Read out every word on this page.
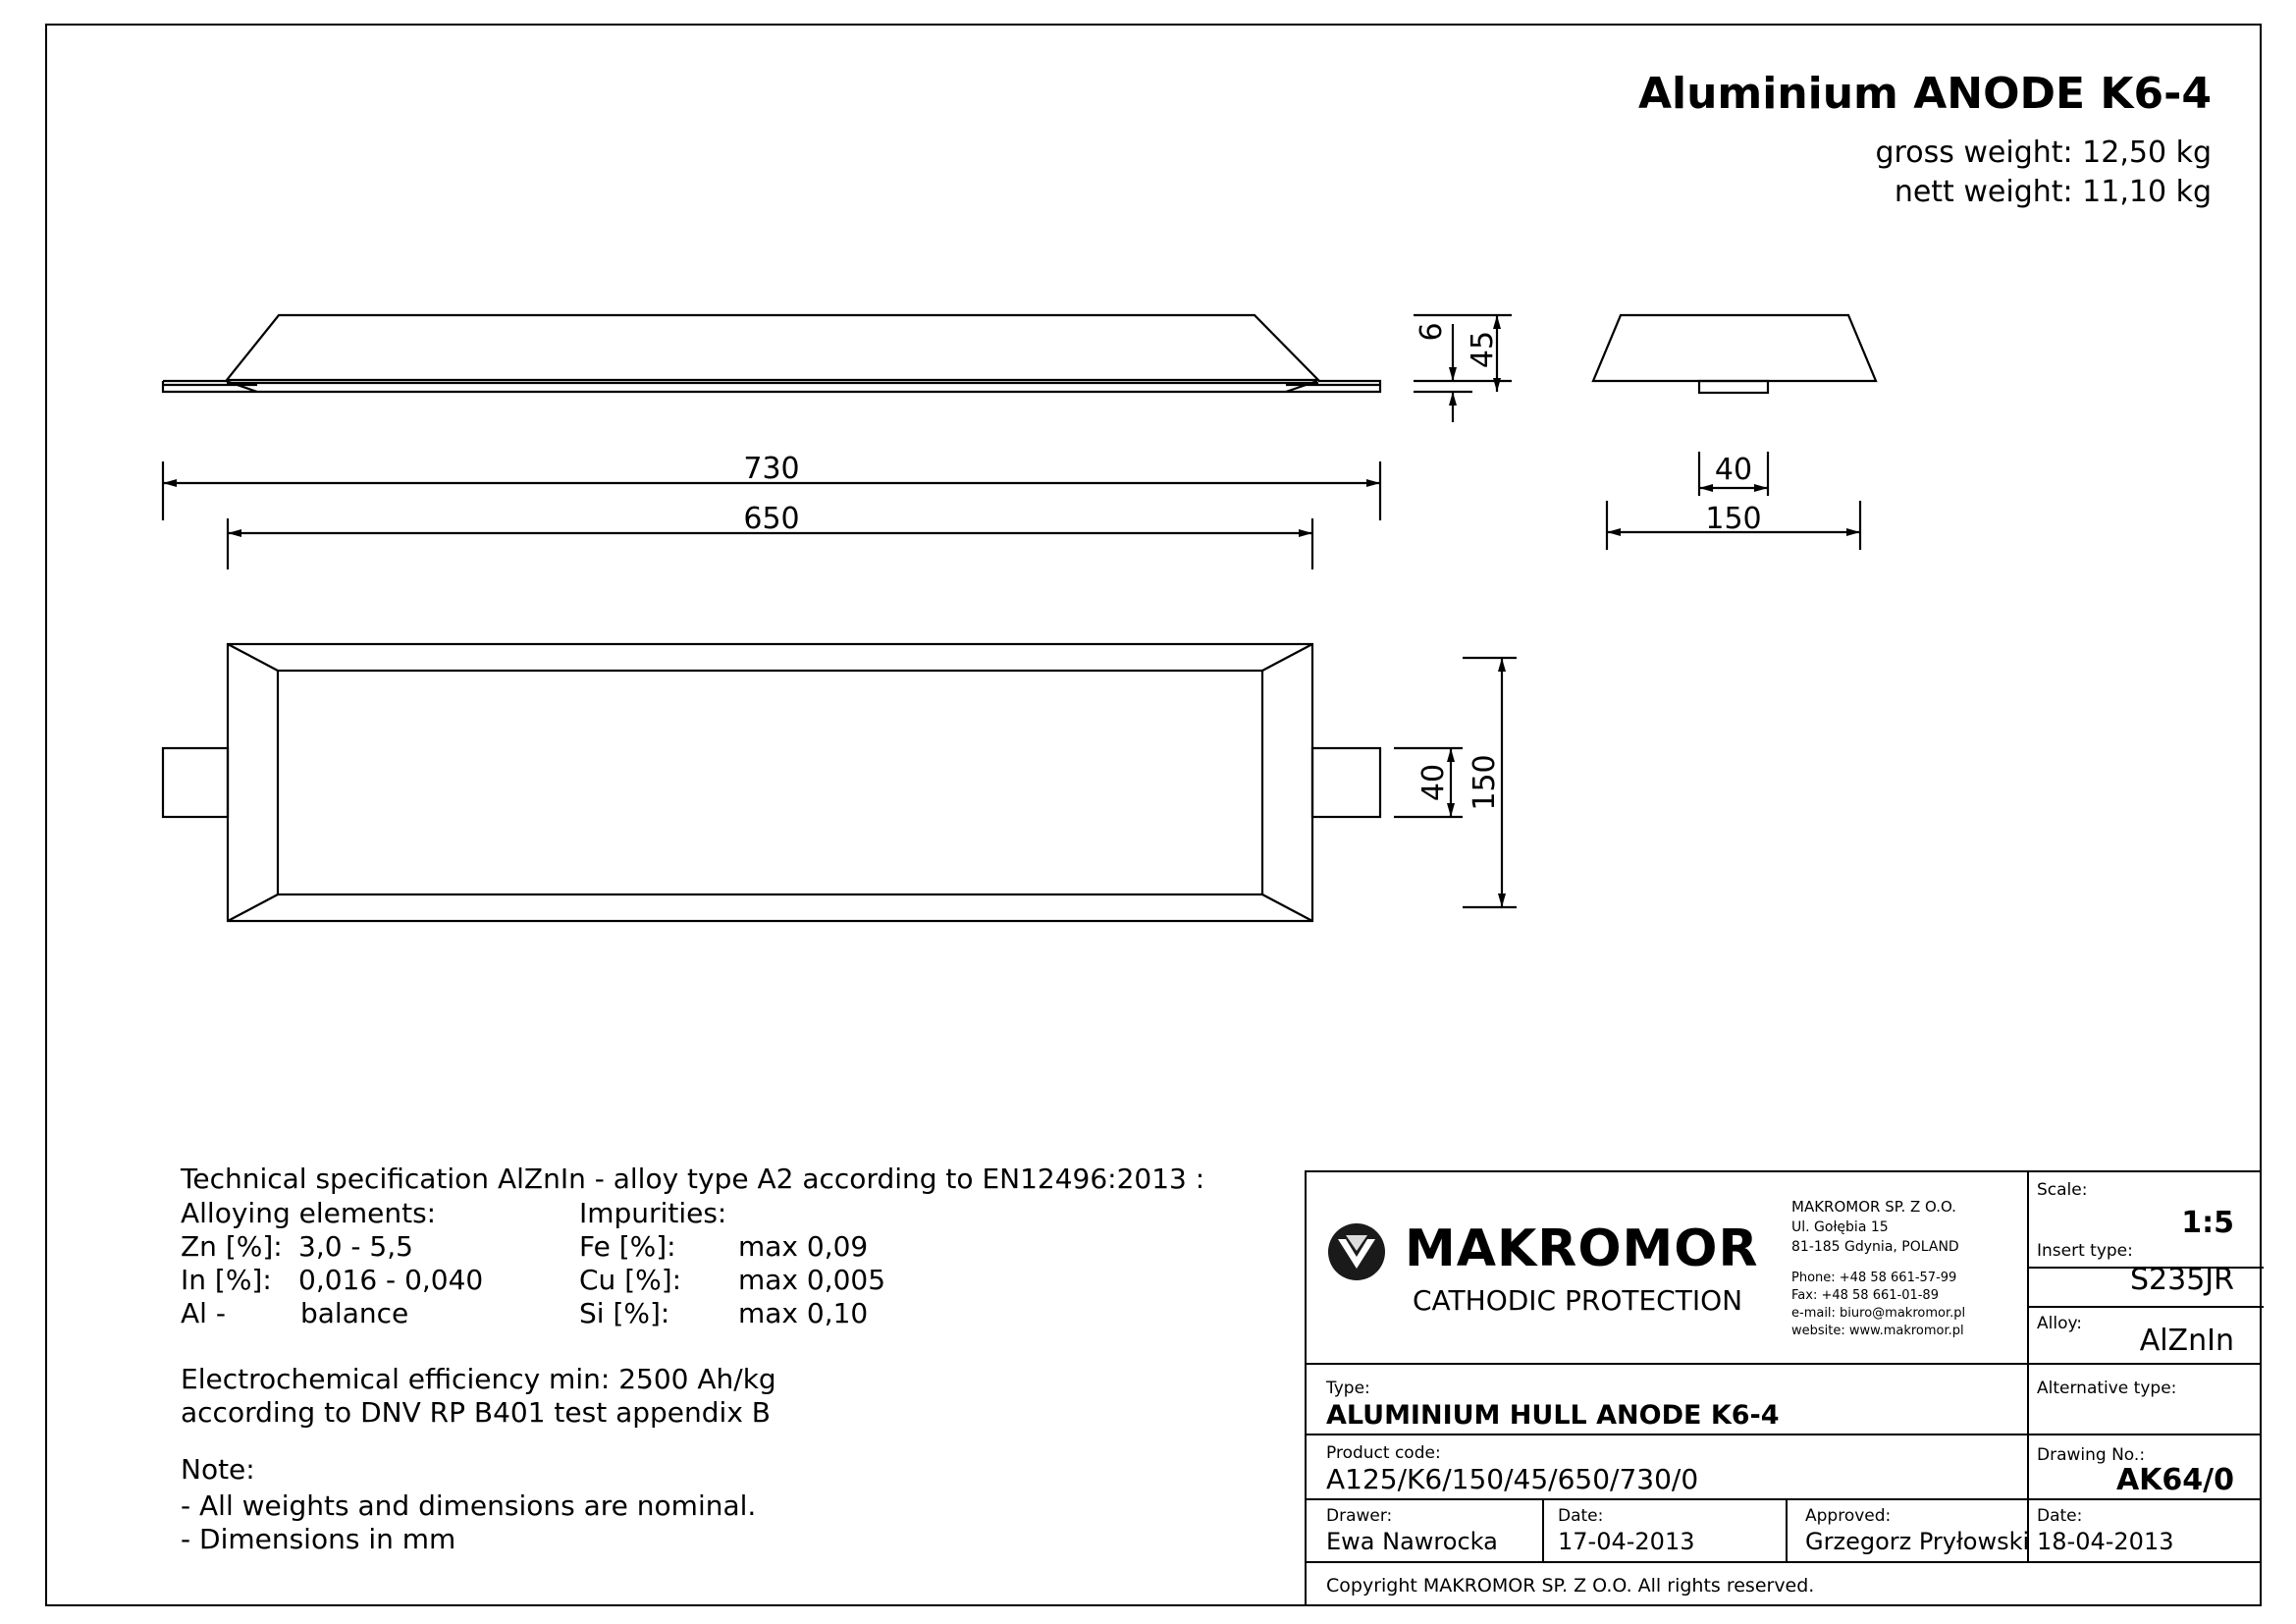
Aluminium ANODE K6-4
gross weight: 12,50 kg
nett weight: 11,10 kg
730
650
6 45
40
150
40 150
Technical specification AlZnIn - alloy type A2 according to EN12496:2013 :
Alloying elements:	Impurities:
Zn [%]: 3,0 - 5,5
In [%]: 0,016 - 0,040
Al -	balance
Fe [%]: max 0,09
Cu [%]: max 0,005
Si [%]: max 0,10
Electrochemical efficiency min: 2500 Ah/kg
according to DNV RP B401 test appendix B
Note:
- All weights and dimensions are nominal.
- Dimensions in mm
MAKROMOR
CATHODIC PROTECTION
MAKROMOR SP. Z O.O.
Ul. Gołębia 15
81-185 Gdynia, POLAND
Phone: +48 58 661-57-99
Fax: +48 58 661-01-89
e-mail: biuro@makromor.pl
website: www.makromor.pl
Scale:
1:5
Insert type:
S235JR
Alloy: AlZnIn
Alternative type:
Type:
ALUMINIUM HULL ANODE K6-4
Product code:
A125/K6/150/45/650/730/0
Drawing No.:
AK64/0
Drawer:
Ewa Nawrocka
Date:
17-04-2013
Approved:
Grzegorz Pryłowski
Date:
18-04-2013
Copyright MAKROMOR SP. Z O.O. All rights reserved.
